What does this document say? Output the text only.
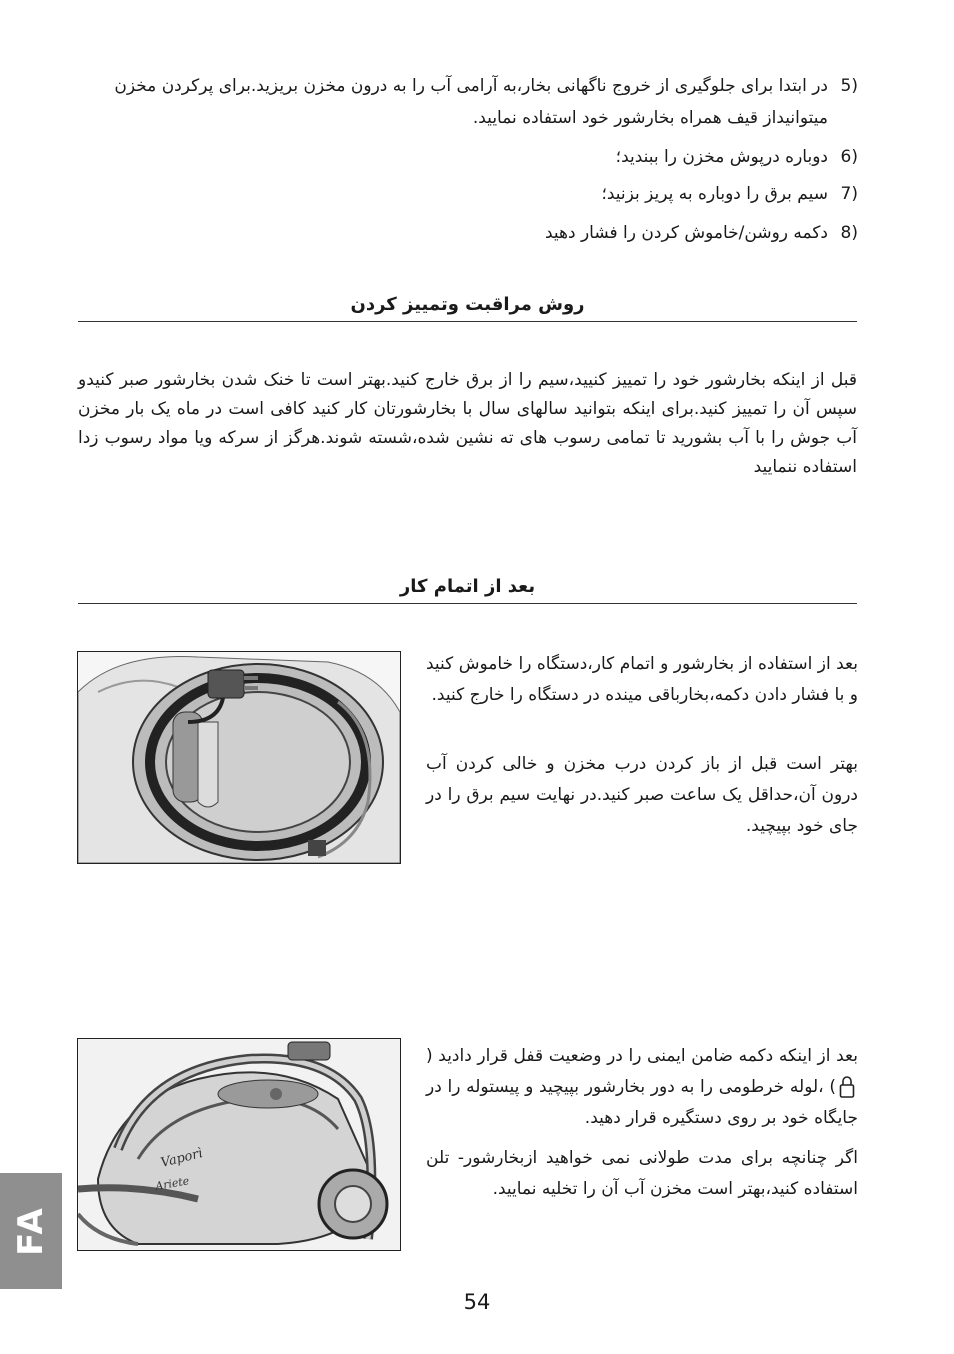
5)
در ابتدا برای جلوگیری از خروج ناگهانی بخار،به آرامی آب را به درون مخزن بریزید.برای پرکردن مخزن میتوانیداز قیف همراه بخارشور خود استفاده نمایید.
6)
دوباره درپوش مخزن را ببندید؛
7)
سیم برق را دوباره به پریز بزنید؛
8)
دکمه روشن/خاموش کردن را فشار دهید
روش مراقبت وتمییز کردن
قبل از اینکه بخارشور خود را تمییز کنیید،سیم را از برق خارج کنید.بهتر است تا خنک شدن بخارشور صبر کنیدو سپس آن را تمییز کنید.برای اینکه بتوانید سالهای سال با بخارشورتان کار کنید کافی است در ماه یک بار مخزن آب جوش را با آب بشورید تا تمامی رسوب های ته نشین شده،شسته شوند.هرگز از سرکه ویا مواد رسوب زدا استفاده ننمایید
بعد از اتمام کار
بعد از استفاده از بخارشور و اتمام کار،دستگاه را خاموش کنید و با فشار دادن دکمه،بخارباقی مینده در دستگاه را خارج کنید.
بهتر است قبل از باز کردن درب مخزن و خالی کردن آب درون آن،حداقل یک ساعت صبر کنید.در نهایت سیم برق را در جای خود بپیچید.
Vaporì
Ariete
بعد از اینکه دکمه ضامن ایمنی را در وضعیت قفل قرار دادید () ،لوله خرطومی را به دور بخارشور بپیچید و پیستوله را در جایگاه خود بر روی دستگیره قرار دهید.
اگر چنانچه برای مدت طولانی نمی خواهید ازبخارشور- تلن استفاده کنید،بهتر است مخزن آب آن را تخلیه نمایید.
FA
54
